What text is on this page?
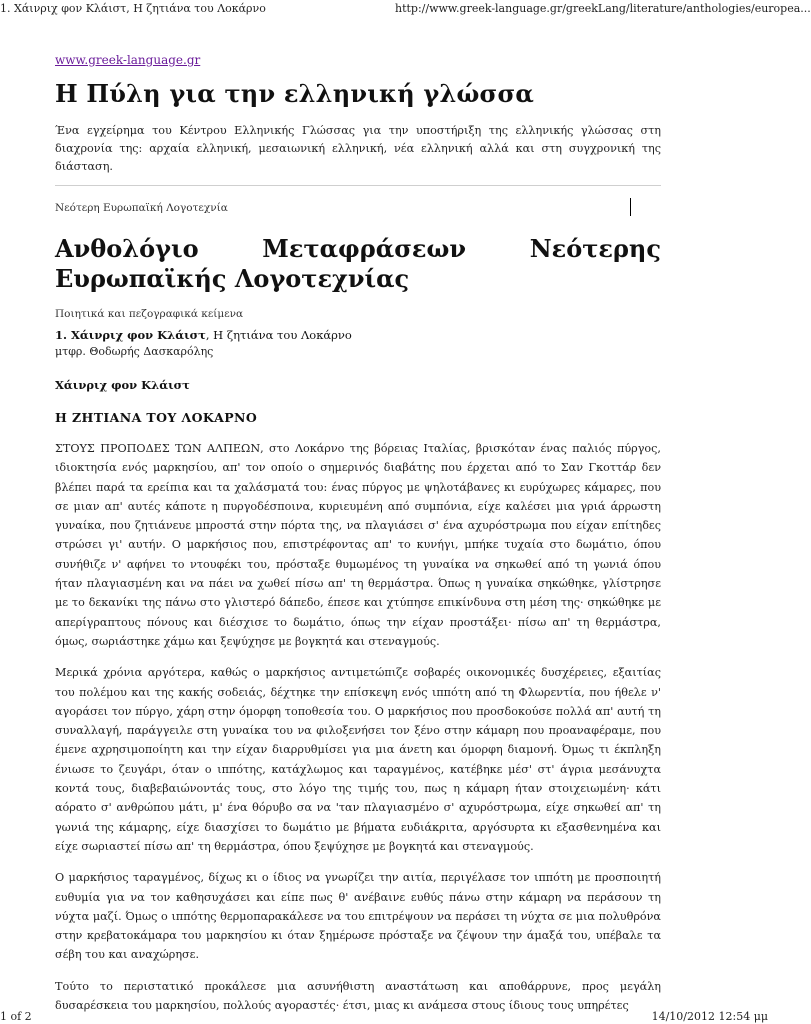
1. Χάινριχ φον Κλάιστ, Η ζητιάνα του Λοκάρνο	http://www.greek-language.gr/greekLang/literature/anthologies/europea...

www.greek-language.gr

Η Πύλη για την ελληνική γλώσσα

Ένα εγχείρημα του Κέντρου Ελληνικής Γλώσσας για την υποστήριξη της ελληνικής γλώσσας στη διαχρονία της: αρχαία ελληνική, μεσαιωνική ελληνική, νέα ελληνική αλλά και στη συγχρονική της διάσταση.

Νεότερη Ευρωπαϊκή Λογοτεχνία
Ανθολόγιο	Μεταφράσεων	Νεότερης
Ευρωπαϊκής Λογοτεχνίας

Ποιητικά και πεζογραφικά κείμενα

1. Χάινριχ φον Κλάιστ, Η ζητιάνα του Λοκάρνο

μτφρ. Θοδωρής Δασκαρόλης

Χάινριχ φον Κλάιστ

Η ΖΗΤΙΑΝΑ ΤΟΥ ΛΟΚΑΡΝΟ

ΣΤΟΥΣ ΠΡΟΠΟΔΕΣ ΤΩΝ ΑΛΠΕΩΝ, στο Λοκάρνο της βόρειας Ιταλίας, βρισκόταν ένας παλιός πύργος, ιδιοκτησία ενός μαρκησίου, απ' τον οποίο ο σημερινός διαβάτης που έρχεται από το Σαν Γκοττάρ δεν βλέπει παρά τα ερείπια και τα χαλάσματά του: ένας πύργος με ψηλοτάβανες κι ευρύχωρες κάμαρες, που σε μιαν απ' αυτές κάποτε η πυργοδέσποινα, κυριευμένη από συμπόνια, είχε καλέσει μια γριά άρρωστη γυναίκα, που ζητιάνευε μπροστά στην πόρτα της, να πλαγιάσει σ' ένα αχυρόστρωμα που είχαν επίτηδες στρώσει γι' αυτήν. Ο μαρκήσιος που, επιστρέφοντας απ' το κυνήγι, μπήκε τυχαία στο δωμάτιο, όπου συνήθιζε ν' αφήνει το ντουφέκι του, πρόσταξε θυμωμένος τη γυναίκα να σηκωθεί από τη γωνιά όπου ήταν πλαγιασμένη και να πάει να χωθεί πίσω απ' τη θερμάστρα. Όπως η γυναίκα σηκώθηκε, γλίστρησε με το δεκανίκι της πάνω στο γλιστερό δάπεδο, έπεσε και χτύπησε επικίνδυνα στη μέση της· σηκώθηκε με απερίγραπτους πόνους και διέσχισε το δωμάτιο, όπως την είχαν προστάξει· πίσω απ' τη θερμάστρα, όμως, σωριάστηκε χάμω και ξεψύχησε με βογκητά και στεναγμούς.

Μερικά χρόνια αργότερα, καθώς ο μαρκήσιος αντιμετώπιζε σοβαρές οικονομικές δυσχέρειες, εξαιτίας του πολέμου και της κακής σοδειάς, δέχτηκε την επίσκεψη ενός ιππότη από τη Φλωρεντία, που ήθελε ν' αγοράσει τον πύργο, χάρη στην όμορφη τοποθεσία του. Ο μαρκήσιος που προσδοκούσε πολλά απ' αυτή τη συναλλαγή, παράγγειλε στη γυναίκα του να φιλοξενήσει τον ξένο στην κάμαρη που προαναφέραμε, που έμενε αχρησιμοποίητη και την είχαν διαρρυθμίσει για μια άνετη και όμορφη διαμονή. Όμως τι έκπληξη ένιωσε το ζευγάρι, όταν ο ιππότης, κατάχλωμος και ταραγμένος, κατέβηκε μέσ' στ' άγρια μεσάνυχτα κοντά τους, διαβεβαιώνοντάς τους, στο λόγο της τιμής του, πως η κάμαρη ήταν στοιχειωμένη· κάτι αόρατο σ' ανθρώπου μάτι, μ' ένα θόρυβο σα να 'ταν πλαγιασμένο σ' αχυρόστρωμα, είχε σηκωθεί απ' τη γωνιά της κάμαρης, είχε διασχίσει το δωμάτιο με βήματα ευδιάκριτα, αργόσυρτα κι εξασθενημένα και είχε σωριαστεί πίσω απ' τη θερμάστρα, όπου ξεψύχησε με βογκητά και στεναγμούς.

Ο μαρκήσιος ταραγμένος, δίχως κι ο ίδιος να γνωρίζει την αιτία, περιγέλασε τον ιππότη με προσποιητή ευθυμία για να τον καθησυχάσει και είπε πως θ' ανέβαινε ευθύς πάνω στην κάμαρη να περάσουν τη νύχτα μαζί. Όμως ο ιππότης θερμοπαρακάλεσε να του επιτρέψουν να περάσει τη νύχτα σε μια πολυθρόνα στην κρεβατοκάμαρα του μαρκησίου κι όταν ξημέρωσε πρόσταξε να ζέψουν την άμαξά του, υπέβαλε τα σέβη του και αναχώρησε.

Τούτο το περιστατικό προκάλεσε μια ασυνήθιστη αναστάτωση και αποθάρρυνε, προς μεγάλη δυσαρέσκεια του μαρκησίου, πολλούς αγοραστές· έτσι, μιας κι ανάμεσα στους ίδιους τους υπηρέτες

1 of 2	14/10/2012 12:54 μμ
